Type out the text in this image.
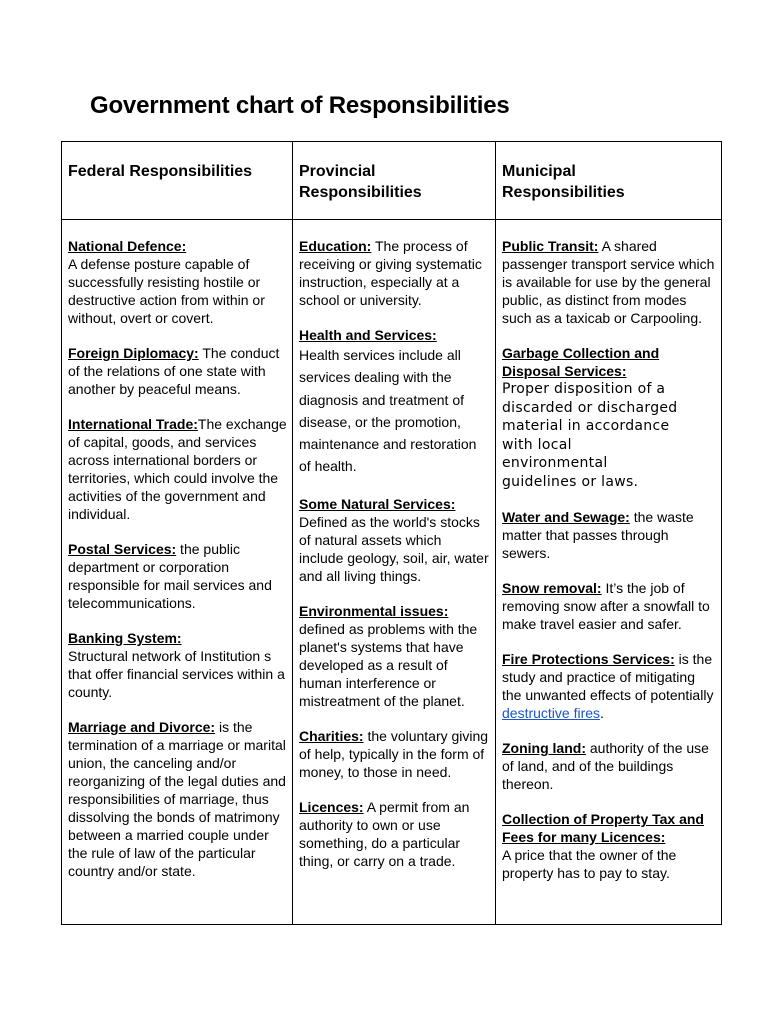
Government chart of Responsibilities
Federal Responsibilities	Provincial Responsibilities
Municipal Responsibilities
National Defence:
A defense posture capable of successfully resisting hostile or destructive action from within or without, overt or covert.
Foreign Diplomacy: The conduct of the relations of one state with another by peaceful means.
International Trade:The exchange of capital, goods, and services across international borders or territories, which could involve the activities of the government and individual.
Postal Services: the public department or corporation responsible for mail services and telecommunications.
Banking System:
Structural network of Institution s that offer financial services within a county.
Marriage and Divorce: is the termination of a marriage or marital union, the canceling and/or reorganizing of the legal duties and responsibilities of marriage, thus dissolving the bonds of matrimony between a married couple under the rule of law of the particular country and/or state.
Education: The process of receiving or giving systematic instruction, especially at a school or university.
Health and Services:
Health services include all services dealing with the diagnosis and treatment of disease, or the promotion, maintenance and restoration of health.
Some Natural Services:
Defined as the world's stocks of natural assets which include geology, soil, air, water and all living things.
Environmental issues:
defined as problems with the planet's systems that have developed as a result of human interference or mistreatment of the planet.
Charities: the voluntary giving of help, typically in the form of money, to those in need.
Licences: A permit from an authority to own or use something, do a particular thing, or carry on a trade.
Public Transit: A shared passenger transport service which is available for use by the general public, as distinct from modes such as a taxicab or Carpooling.
Garbage Collection and Disposal Services:
Proper disposition of a discarded or discharged material in accordance with local environmental guidelines or laws.
Water and Sewage: the waste matter that passes through sewers.
Snow removal: It’s the job of removing snow after a snowfall to make travel easier and safer.
Fire Protections Services: is the study and practice of mitigating the unwanted effects of potentially destructive fires.
Zoning land: authority of the use of land, and of the buildings thereon.
Collection of Property Tax and Fees for many Licences:
A price that the owner of the property has to pay to stay.
